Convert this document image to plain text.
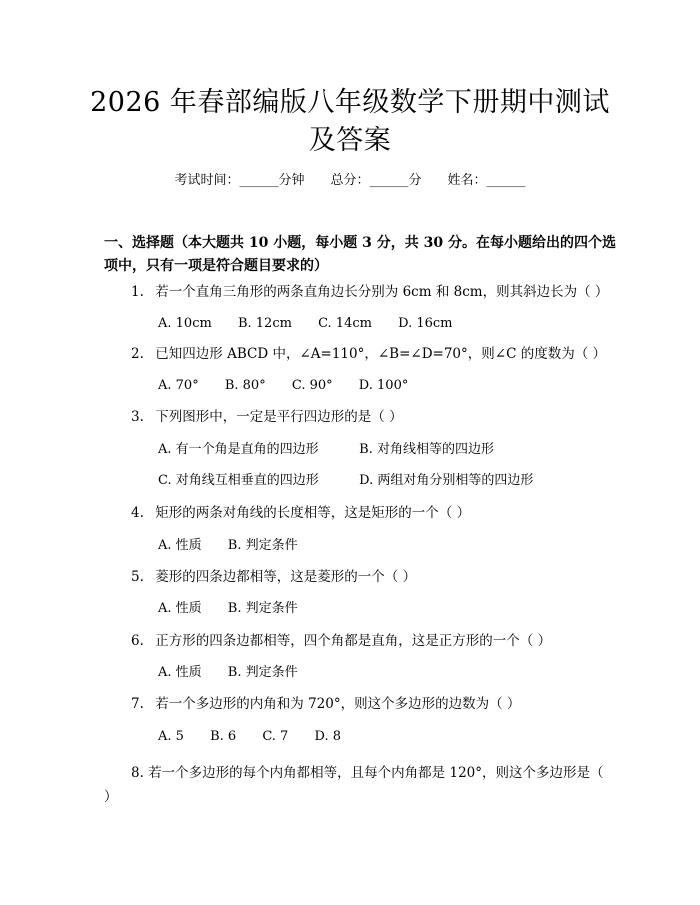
2026 年春部编版八年级数学下册期中测试及答案
考试时间：______分钟 总分：______分 姓名：______
一、选择题（本大题共 10 小题，每小题 3 分，共 30 分。在每小题给出的四个选项中，只有一项是符合题目要求的）
1. 若一个直角三角形的两条直角边长分别为 6cm 和 8cm，则其斜边长为（ ）
A. 10cm B. 12cm C. 14cm D. 16cm
2. 已知四边形 ABCD 中，∠A=110°，∠B=∠D=70°，则∠C 的度数为（ ）
A. 70° B. 80° C. 90° D. 100°
3. 下列图形中，一定是平行四边形的是（ ）
A. 有一个角是直角的四边形	B. 对角线相等的四边形
C. 对角线互相垂直的四边形	D. 两组对角分别相等的四边形
4. 矩形的两条对角线的长度相等，这是矩形的一个（ ）
A. 性质 B. 判定条件
5. 菱形的四条边都相等，这是菱形的一个（ ）
A. 性质 B. 判定条件
6. 正方形的四条边都相等，四个角都是直角，这是正方形的一个（ ）
A. 性质 B. 判定条件
7. 若一个多边形的内角和为 720°，则这个多边形的边数为（ ）
A. 5 B. 6 C. 7 D. 8
8. 若一个多边形的每个内角都相等，且每个内角都是 120°，则这个多边形是（ ）
